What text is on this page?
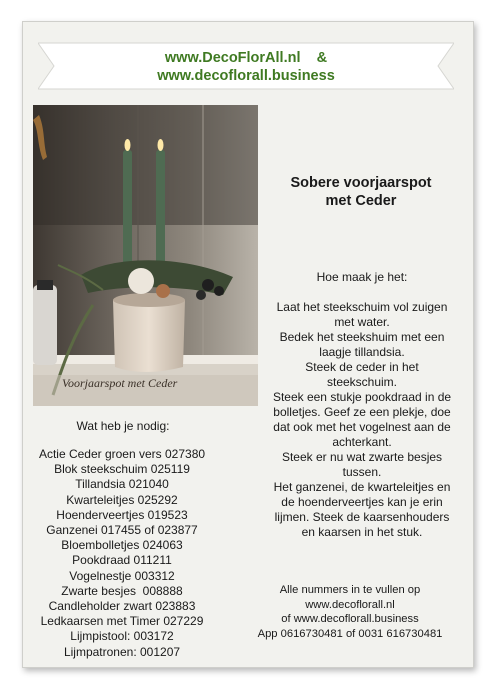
www.DecoFlorAll.nl    &
www.decoflorall.business
Voorjaarspot met Ceder
Sobere voorjaarspot
met Ceder
Hoe maak je het:
Laat het steekschuim vol zuigen
met water.
Bedek het steekshuim met een
laagje tillandsia.
Steek de ceder in het
steekschuim.
Steek een stukje pookdraad in de
bolletjes. Geef ze een plekje, doe
dat ook met het vogelnest aan de
achterkant.
Steek er nu wat zwarte besjes
tussen.
Het ganzenei, de kwarteleitjes en
de hoenderveertjes kan je erin
lijmen. Steek de kaarsenhouders
en kaarsen in het stuk.
Wat heb je nodig:
Actie Ceder groen vers 027380
Blok steekschuim 025119
Tillandsia 021040
Kwarteleitjes 025292
Hoenderveertjes 019523
Ganzenei 017455 of 023877
Bloembolletjes 024063
Pookdraad 011211
Vogelnestje 003312
Zwarte besjes  008888
Candleholder zwart 023883
Ledkaarsen met Timer 027229
Lijmpistool: 003172
Lijmpatronen: 001207
Alle nummers in te vullen op
www.decoflorall.nl
of www.decoflorall.business
App 0616730481 of 0031 616730481
